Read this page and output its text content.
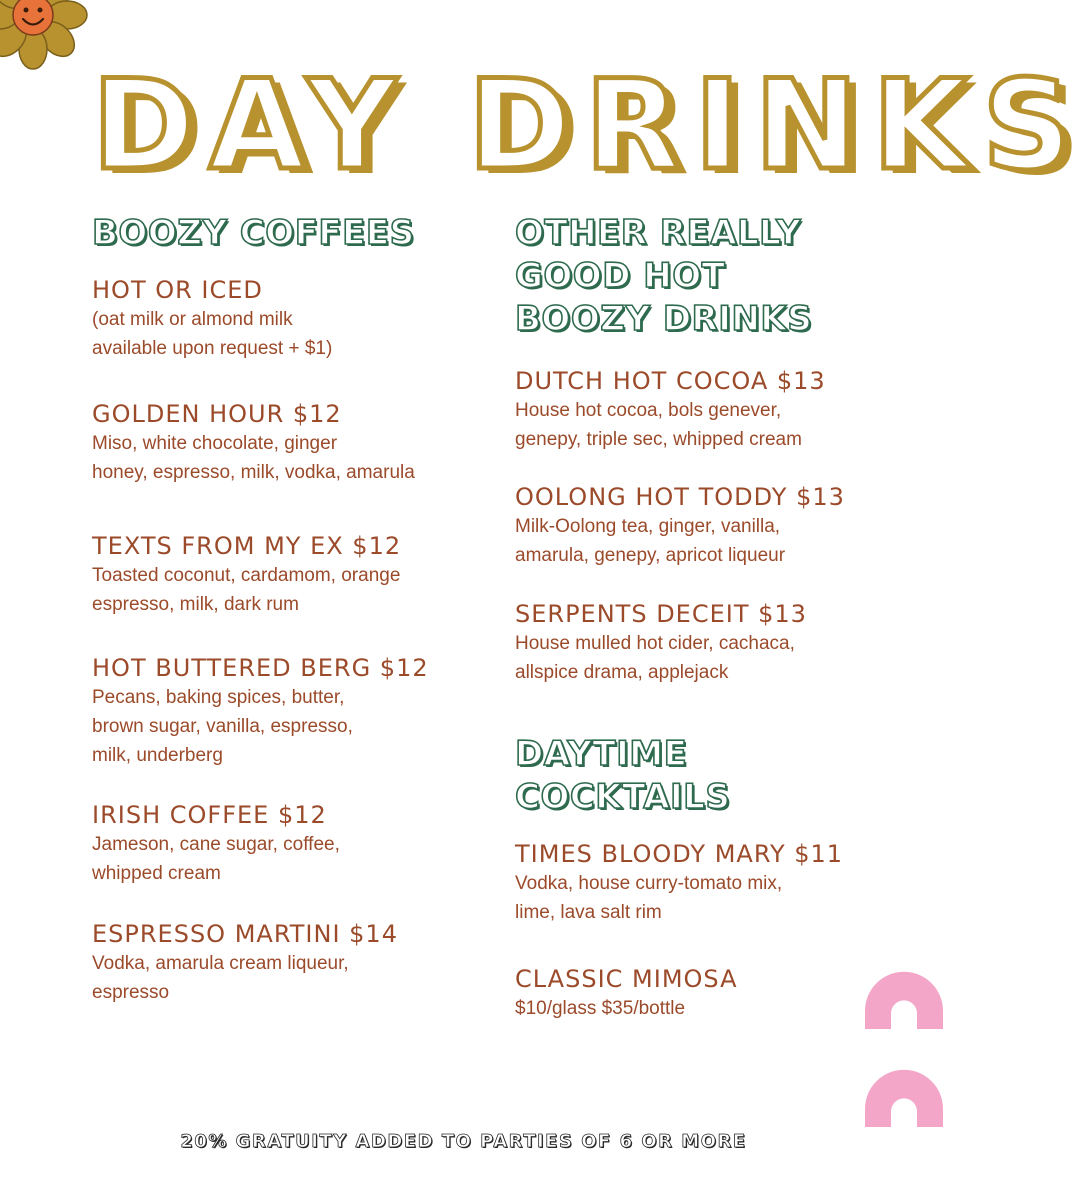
DAY DRINKS
BOOZY COFFEES
HOT OR ICED
(oat milk or almond milk
available upon request + $1)
GOLDEN HOUR $12
Miso, white chocolate, ginger
honey, espresso, milk, vodka, amarula
TEXTS FROM MY EX $12
Toasted coconut, cardamom, orange
espresso, milk, dark rum
HOT BUTTERED BERG $12
Pecans, baking spices, butter,
brown sugar, vanilla, espresso,
milk, underberg
IRISH COFFEE $12
Jameson, cane sugar, coffee,
whipped cream
ESPRESSO MARTINI $14
Vodka, amarula cream liqueur,
espresso
OTHER REALLY
GOOD HOT
BOOZY DRINKS
DUTCH HOT COCOA $13
House hot cocoa, bols genever,
genepy, triple sec, whipped cream
OOLONG HOT TODDY $13
Milk-Oolong tea, ginger, vanilla,
amarula, genepy, apricot liqueur
SERPENTS DECEIT $13
House mulled hot cider, cachaca,
allspice drama, applejack
DAYTIME
COCKTAILS
TIMES BLOODY MARY $11
Vodka, house curry-tomato mix,
lime, lava salt rim
CLASSIC MIMOSA
$10/glass $35/bottle
20% GRATUITY ADDED TO PARTIES OF 6 OR MORE
